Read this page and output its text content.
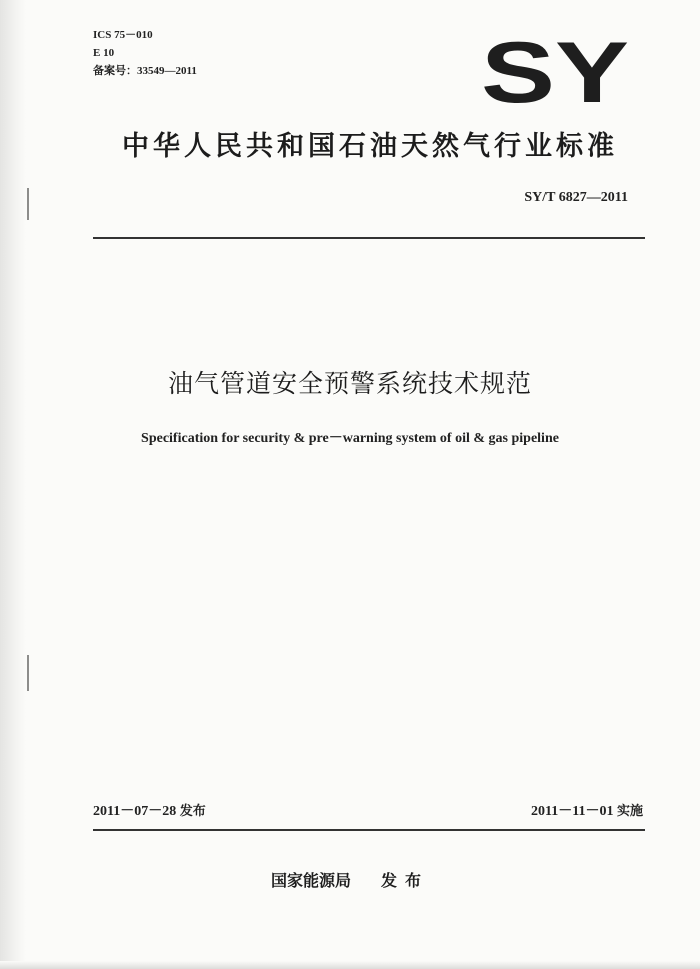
ICS 75－010
E 10
备案号：33549—2011	SY
中华人民共和国石油天然气行业标准
SY/T 6827—2011
油气管道安全预警系统技术规范
Specification for security & pre－warning system of oil & gas pipeline
2011－07－28 发布	2011－11－01 实施
国家能源局 发布
